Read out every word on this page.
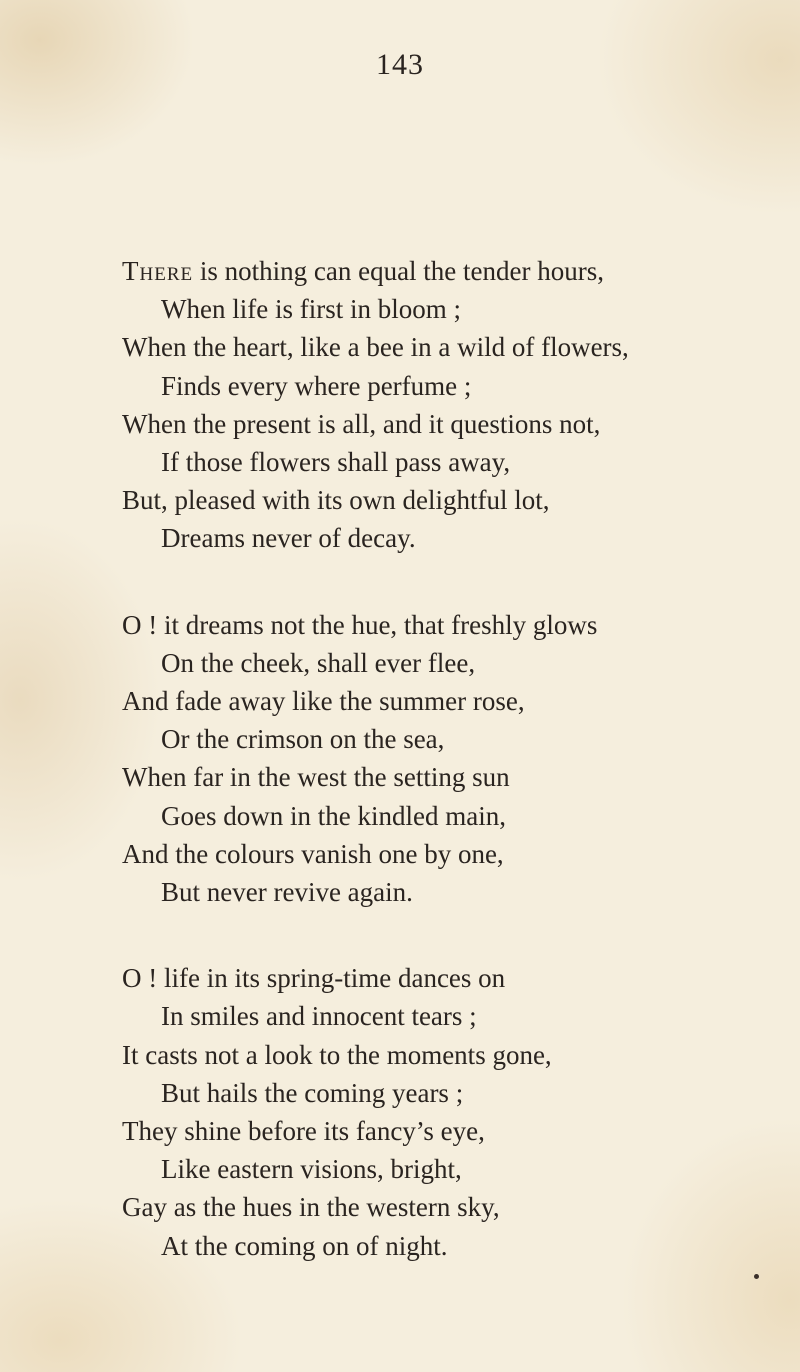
143
There is nothing can equal the tender hours,
When life is first in bloom ;
When the heart, like a bee in a wild of flowers,
Finds every where perfume ;
When the present is all, and it questions not,
If those flowers shall pass away,
But, pleased with its own delightful lot,
Dreams never of decay.
O ! it dreams not the hue, that freshly glows
On the cheek, shall ever flee,
And fade away like the summer rose,
Or the crimson on the sea,
When far in the west the setting sun
Goes down in the kindled main,
And the colours vanish one by one,
But never revive again.
O ! life in its spring-time dances on
In smiles and innocent tears ;
It casts not a look to the moments gone,
But hails the coming years ;
They shine before its fancy’s eye,
Like eastern visions, bright,
Gay as the hues in the western sky,
At the coming on of night.
